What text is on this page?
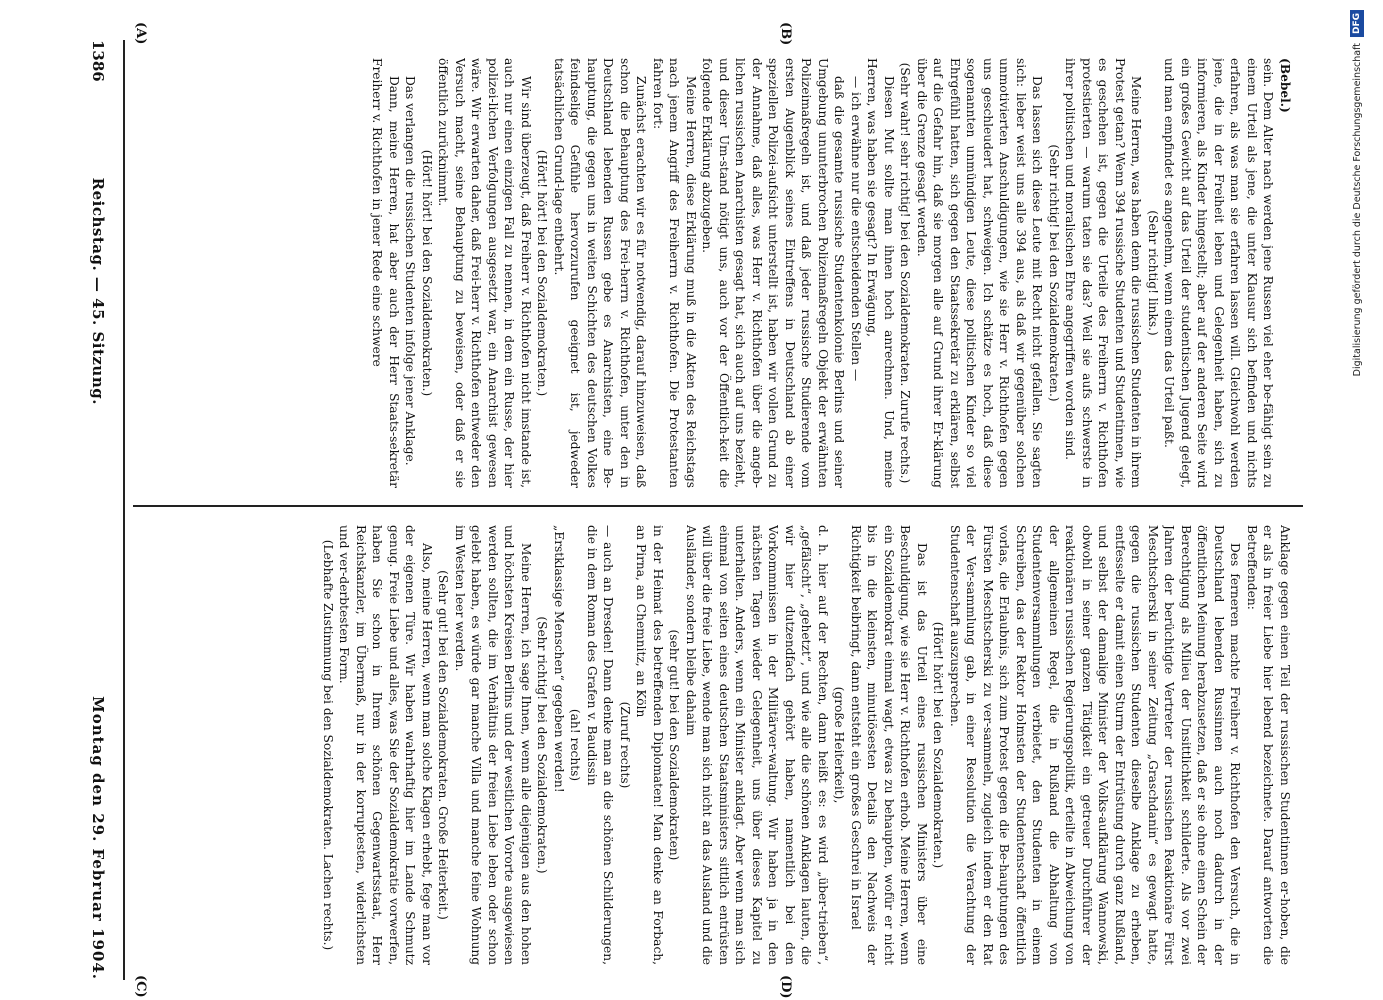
1386
Reichstag. — 45. Sitzung.
Montag den 29. Februar 1904.
(A)	(B)
(C)	(D)

(Bebel.)

sein. Dem Alter nach werden jene Russen viel eher be-fähigt sein zu einem Urteil als jene, die unter Klausur sich befinden und nichts erfahren, als was man sie erfahren lassen will. Gleichwohl werden jene, die in der Freiheit leben und Gelegenheit haben, sich zu informieren, als Kinder hingestellt; aber auf der anderen Seite wird ein großes Gewicht auf das Urteil der studentischen Jugend gelegt, und man empfindet es angenehm, wenn einem das Urteil paßt.

(Sehr richtig! links.)

Meine Herren, was haben denn die russischen Studenten in ihrem Protest getan? Wenn 394 russische Studenten und Studentinnen, wie es geschehen ist, gegen die Urteile des Freiherrn v. Richthofen protestierten — warum taten sie das? Weil sie aufs schwerste in ihrer politischen und moralischen Ehre angegriffen worden sind.

(Sehr richtig! bei den Sozialdemokraten.)

Das lassen sich diese Leute mit Recht nicht gefallen. Sie sagten sich: lieber weist uns alle 394 aus, als daß wir gegenüber solchen unmotivierten Anschuldigungen, wie sie Herr v. Richthofen gegen uns geschleudert hat, schweigen. Ich schätze es hoch, daß diese sogenannten unmündigen Leute, diese politischen Kinder so viel Ehrgefühl hatten, sich gegen den Staatssekretär zu erklären, selbst auf die Gefahr hin, daß sie morgen alle auf Grund ihrer Er-klärung über die Grenze gesagt werden.

(Sehr wahr! sehr richtig! bei den Sozialdemokraten. Zurufe rechts.)

Diesen Mut sollte man ihnen hoch anrechnen. Und, meine Herren, was haben sie gesagt? In Erwägung,

— ich erwähne nur die entscheidenden Stellen —

daß die gesamte russische Studentenkolonie Berlins und seiner Umgebung ununterbrochen Polizeimaßregeln Objekt der erwähnten Polizeimaßregeln ist, und daß jeder russische Studierende vom ersten Augenblick seines Eintreffens in Deutschland ab einer speziellen Polizei-aufsicht unterstellt ist, haben wir vollen Grund zu der Annahme, daß alles, was Herr v. Richthofen über die angeb-lichen russischen Anarchisten gesagt hat, sich auch auf uns bezieht, und dieser Um-stand nötigt uns, auch vor der Öffentlich-keit die folgende Erklärung abzugeben.

Meine Herren, diese Erklärung muß in die Akten des Reichstags nach jenem Angriff des Freiherrn v. Richthofen. Die Protestanten fahren fort:

Zunächst erachten wir es für notwendig, darauf hinzuweisen, daß schon die Behauptung des Frei-herrn v. Richthofen, unter den in Deutschland lebenden Russen gebe es Anarchisten, eine Be-hauptung, die gegen uns in weiten Schichten des deutschen Volkes feindselige Gefühle hervorzurufen geeignet ist, jedweder tatsächlichen Grund-lage entbehrt.

(Hört! hört! bei den Sozialdemokraten.)

Wir sind überzeugt, daß Freiherr v. Richthofen nicht imstande ist, auch nur einen einzigen Fall zu nennen, in dem ein Russe, der hier polizei-lichen Verfolgungen ausgesetzt war, ein Anarchist gewesen wäre. Wir erwarten daher, daß Frei-herr v. Richthofen entweder den Versuch macht, seine Behauptung zu beweisen, oder daß er sie öffentlich zurücknimmt.

(Hört! hört! bei den Sozialdemokraten.)

Das verlangen die russischen Studenten infolge jener Anklage.

Dann, meine Herren, hat aber auch der Herr Staats-sekretär Freiherr v. Richthofen in jener Rede eine schwere

Anklage gegen einen Teil der russischen Studentinnen er-hoben, die er als in freier Liebe hier lebend bezeichnete. Darauf antworten die Betreffenden:

Des ferneren machte Freiherr v. Richthofen den Versuch, die in Deutschland lebenden Russinnen auch noch dadurch in der öffentlichen Meinung herabzusetzen, daß er sie ohne einen Schein der Berechtigung als Milieu der Unsittlichkeit schilderte. Als vor zwei Jahren der berüchtigte Vertreter der russischen Reaktionäre Fürst Meschtscherski in seiner Zeitung „Graschdanin“ es gewagt hatte, gegen die russischen Studenten dieselbe Anklage zu erheben, entfesselte er damit einen Sturm der Entrüstung durch ganz Rußland, und selbst der damalige Minister der Volks-aufklärung Wannowski, obwohl in seiner ganzen Tätigkeit ein getreuer Durchführer der reaktionären russischen Regierungspolitik, erteilte in Abweichung von der allgemeinen Regel, die in Rußland die Abhaltung von Studentenversammlungen verbietet, den Studenten in einem Schreiben, das der Rektor Holmsten der Studentenschaft öffentlich vorlas, die Erlaubnis, sich zum Protest gegen die Be-hauptungen des Fürsten Meschtscherski zu ver-sammeln, zugleich indem er den Rat der Ver-sammlung gab, in einer Resolution die Verachtung der Studentenschaft auszusprechen.

(Hört! hört! bei den Sozialdemokraten.)

Das ist das Urteil eines russischen Ministers über eine Beschuldigung, wie sie Herr v. Richthofen erhob. Meine Herren, wenn ein Sozialdemokrat einmal wagt, etwas zu behaupten, wofür er nicht bis in die kleinsten, minutiösesten Details den Nachweis der Richtigkeit beibringt, dann entsteht ein großes Geschrei in Israel

(große Heiterkeit),

d. h. hier auf der Rechten, dann heißt es: es wird „über-trieben“, „gefälscht“, „gehetzt“, und wie alle die schönen Anklagen lauten, die wir hier dutzendfach gehört haben, namentlich bei den Vorkommnissen in der Militärver-waltung. Wir haben ja in den nächsten Tagen wieder Gelegenheit, uns über dieses Kapitel zu unterhalten. Anders, wenn ein Minister anklagt. Aber wenn man sich einmal von seiten eines deutschen Staatsministers sittlich entrüsten will über die freie Liebe, wende man sich nicht an das Ausland und die Ausländer, sondern bleibe dahaim

(sehr gut! bei den Sozialdemokraten)

in der Heimat des betreffenden Diplomaten! Man denke an Forbach, an Pirna, an Chemnitz, an Köln

(Zuruf rechts)

— auch an Dresden! Dann denke man an die schönen Schilderungen, die in dem Roman des Grafen v. Baudissin

(ah! rechts)

„Erstklassige Menschen“ gegeben werden!

(Sehr richtig! bei den Sozialdemokraten.)

Meine Herren, ich sage Ihnen, wenn alle diejenigen aus den hohen und höchsten Kreisen Berlins und der westlichen Vororte ausgewiesen werden sollten, die im Verhältnis der freien Liebe leben oder schon gelebt haben, es würde gar manche Villa und manche feine Wohnung im Westen leer werden.

(Sehr gut! bei den Sozialdemokraten. Große Heiterkeit.)

Also, meine Herren, wenn man solche Klagen erhebt, fege man vor der eigenen Türe. Wir haben wahrhaftig hier im Lande Schmutz genug. Freie Liebe und alles, was Sie der Sozialdemokratie vorwerfen, haben Sie schon in Ihrem schönen Gegenwartsstaat, Herr Reichskanzler, im Übermaß, nur in der korruptesten, widerlichsten und ver-derbtesten Form.

(Lebhafte Zustimmung bei den Sozialdemokraten. Lachen rechts.)

DFG
Digitalisierung gefördert durch die Deutsche Forschungsgemeinschaft
